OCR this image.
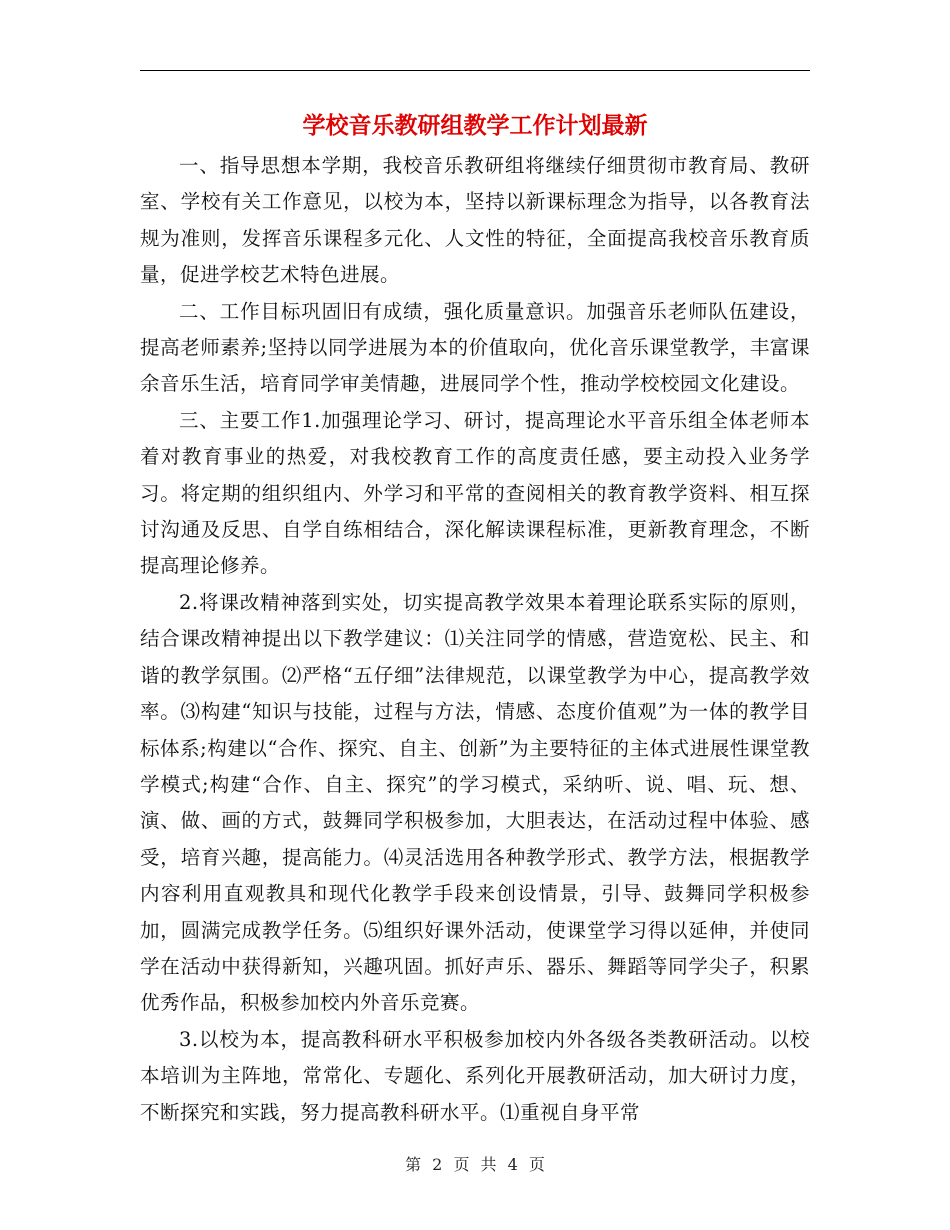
学校音乐教研组教学工作计划最新

一、指导思想本学期，我校音乐教研组将继续仔细贯彻市教育局、教研室、学校有关工作意见，以校为本，坚持以新课标理念为指导，以各教育法规为准则，发挥音乐课程多元化、人文性的特征，全面提高我校音乐教育质量，促进学校艺术特色进展。

二、工作目标巩固旧有成绩，强化质量意识。加强音乐老师队伍建设，提高老师素养;坚持以同学进展为本的价值取向，优化音乐课堂教学，丰富课余音乐生活，培育同学审美情趣，进展同学个性，推动学校校园文化建设。

三、主要工作1.加强理论学习、研讨，提高理论水平音乐组全体老师本着对教育事业的热爱，对我校教育工作的高度责任感，要主动投入业务学习。将定期的组织组内、外学习和平常的查阅相关的教育教学资料、相互探讨沟通及反思、自学自练相结合，深化解读课程标准，更新教育理念，不断提高理论修养。

2.将课改精神落到实处，切实提高教学效果本着理论联系实际的原则，结合课改精神提出以下教学建议：⑴关注同学的情感，营造宽松、民主、和谐的教学氛围。⑵严格“五仔细”法律规范，以课堂教学为中心，提高教学效率。⑶构建“知识与技能，过程与方法，情感、态度价值观”为一体的教学目标体系;构建以“合作、探究、自主、创新”为主要特征的主体式进展性课堂教学模式;构建“合作、自主、探究”的学习模式，采纳听、说、唱、玩、想、演、做、画的方式，鼓舞同学积极参加，大胆表达，在活动过程中体验、感受，培育兴趣，提高能力。⑷灵活选用各种教学形式、教学方法，根据教学内容利用直观教具和现代化教学手段来创设情景，引导、鼓舞同学积极参加，圆满完成教学任务。⑸组织好课外活动，使课堂学习得以延伸，并使同学在活动中获得新知，兴趣巩固。抓好声乐、器乐、舞蹈等同学尖子，积累优秀作品，积极参加校内外音乐竞赛。

3.以校为本，提高教科研水平积极参加校内外各级各类教研活动。以校本培训为主阵地，常常化、专题化、系列化开展教研活动，加大研讨力度，不断探究和实践，努力提高教科研水平。⑴重视自身平常

第 2 页 共 4 页
